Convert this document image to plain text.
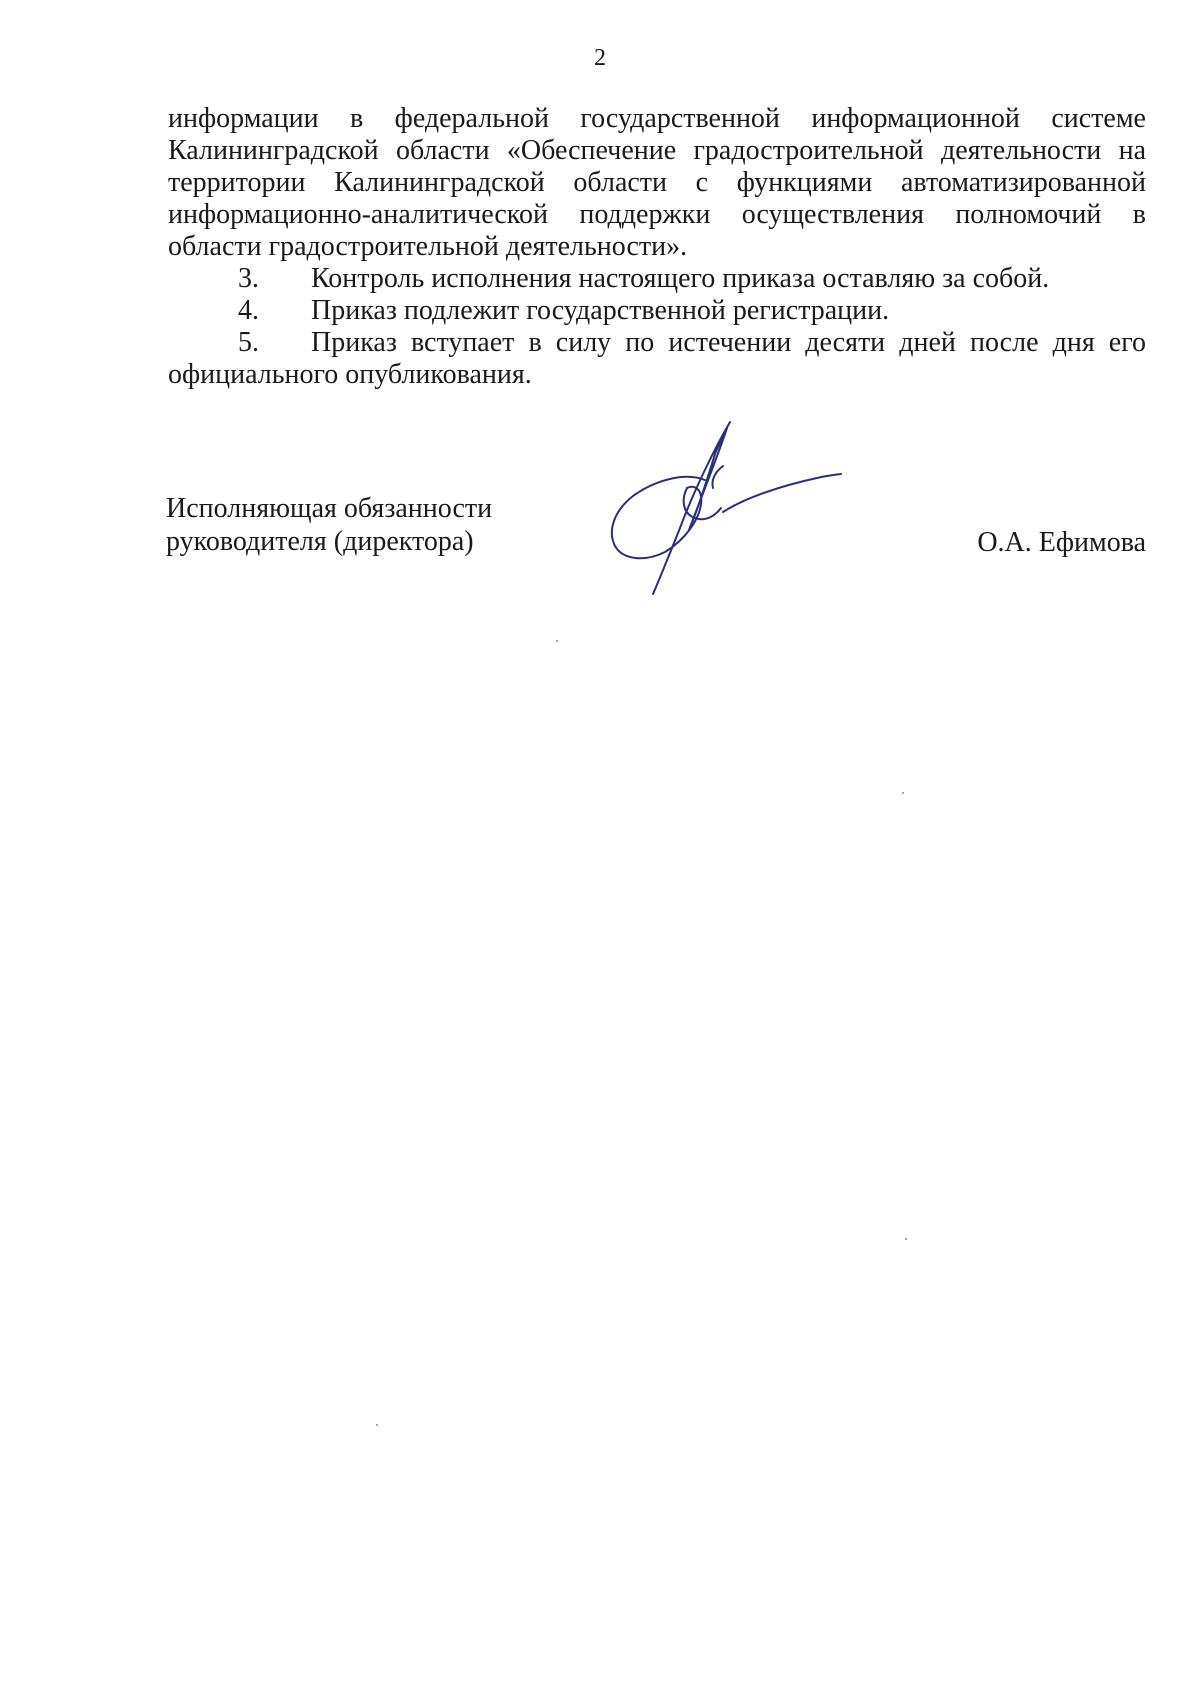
2

информации в федеральной государственной информационной системе Калининградской области «Обеспечение градостроительной деятельности на территории Калининградской области с функциями автоматизированной информационно-аналитической поддержки осуществления полномочий в области градостроительной деятельности».

3. Контроль исполнения настоящего приказа оставляю за собой.

4. Приказ подлежит государственной регистрации.

5. Приказ вступает в силу по истечении десяти дней после дня его официального опубликования.

Исполняющая обязанности
руководителя (директора)	О.А. Ефимова
